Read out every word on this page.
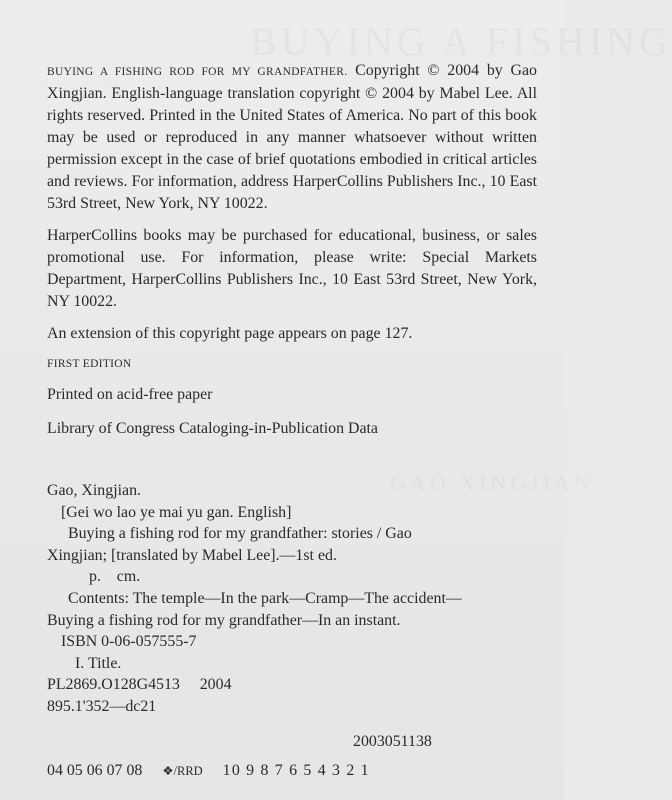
BUYING A FISHING
GAO XINGJIAN

BUYING A FISHING ROD FOR MY GRANDFATHER. Copyright © 2004 by Gao Xingjian. English-language translation copyright © 2004 by Mabel Lee. All rights reserved. Printed in the United States of America. No part of this book may be used or reproduced in any manner whatsoever without written permission except in the case of brief quotations embodied in critical articles and reviews. For information, address HarperCollins Publishers Inc., 10 East 53rd Street, New York, NY 10022.

HarperCollins books may be purchased for educational, business, or sales promotional use. For information, please write: Special Markets Department, HarperCollins Publishers Inc., 10 East 53rd Street, New York, NY 10022.

An extension of this copyright page appears on page 127.

FIRST EDITION
Printed on acid-free paper
Library of Congress Cataloging-in-Publication Data
Gao, Xingjian.
[Gei wo lao ye mai yu gan. English]
Buying a fishing rod for my grandfather: stories / Gao
Xingjian; [translated by Mabel Lee].—1st ed.
p.    cm.
Contents: The temple—In the park—Cramp—The accident—
Buying a fishing rod for my grandfather—In an instant.
ISBN 0-06-057555-7
I. Title.
PL2869.O128G4513     2004
895.1'352—dc21
2003051138
04 05 06 07 08 ❖/RRD 10 9 8 7 6 5 4 3 2 1
